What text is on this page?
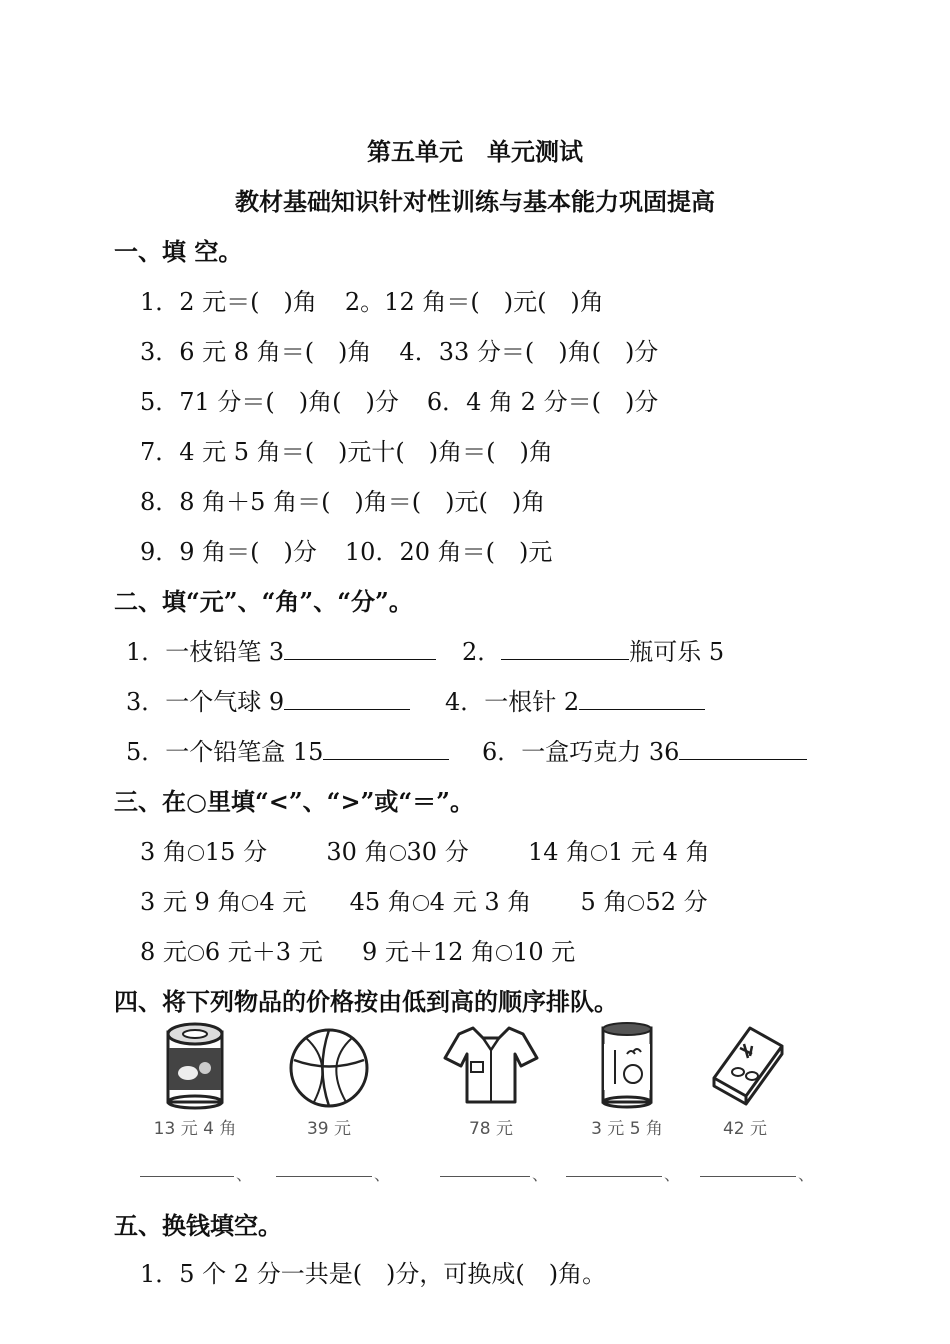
第五单元　单元测试
教材基础知识针对性训练与基本能力巩固提高
一、填 空。
1．2 元＝(　)角 2。12 角＝(　)元(　)角
3．6 元 8 角＝(　)角 4．33 分＝(　)角(　)分
5．71 分＝(　)角(　)分 6．4 角 2 分＝(　)分
7．4 元 5 角＝(　)元十(　)角＝(　)角
8．8 角＋5 角＝(　)角＝(　)元(　)角
9．9 角＝(　)分 10．20 角＝(　)元
二、填“元”、“角”、“分”。
1．一枝铅笔 3	2．	瓶可乐 5
3．一个气球 9	4．一根针 2
5．一个铅笔盒 15	6．一盒巧克力 36
三、在○里填“<”、“>”或“＝”。
3 角 15 分 30 角 30 分 14 角 1 元 4 角
3 元 9 角 4 元 45 角 4 元 3 角 5 角 52 分
8 元 6 元＋3 元 9 元＋12 角 10 元
四、将下列物品的价格按由低到高的顺序排队。
13 元 4 角	39 元	78 元	3 元 5 角	42 元
、	、	、	、	、
五、换钱填空。
1．5 个 2 分一共是(　)分，可换成(　)角。
